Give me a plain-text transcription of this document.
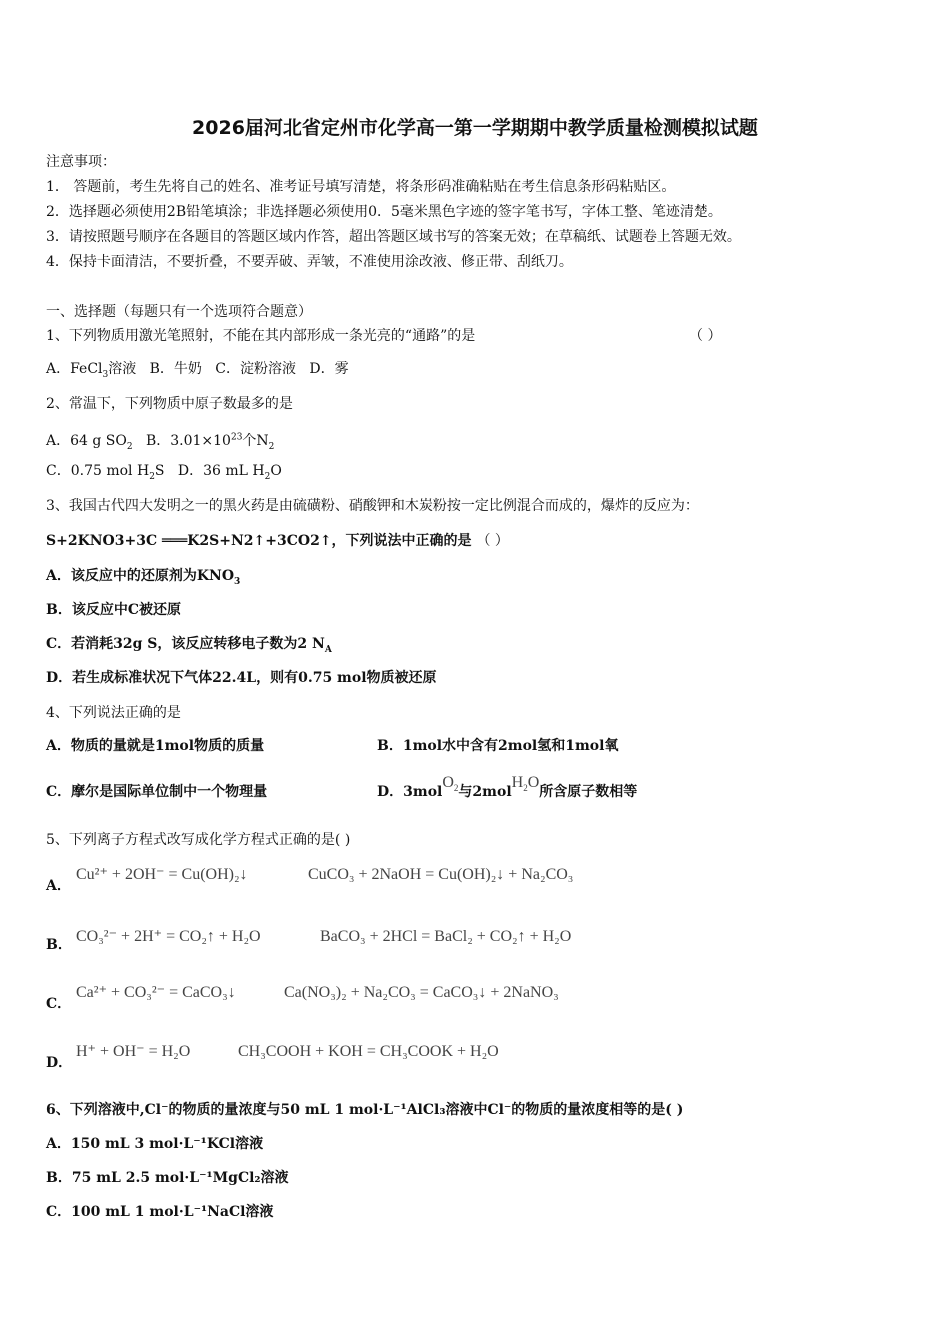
2026届河北省定州市化学高一第一学期期中教学质量检测模拟试题
注意事项：
1． 答题前，考生先将自己的姓名、准考证号填写清楚，将条形码准确粘贴在考生信息条形码粘贴区。
2．选择题必须使用2B铅笔填涂；非选择题必须使用0．5毫米黑色字迹的签字笔书写，字体工整、笔迹清楚。
3．请按照题号顺序在各题目的答题区域内作答，超出答题区域书写的答案无效；在草稿纸、试题卷上答题无效。
4．保持卡面清洁，不要折叠，不要弄破、弄皱，不准使用涂改液、修正带、刮纸刀。
一、选择题（每题只有一个选项符合题意）
1、下列物质用激光笔照射，不能在其内部形成一条光亮的“通路”的是	（ ）
A．FeCl$_3$溶液 B．牛奶 C．淀粉溶液 D．雾
2、常温下，下列物质中原子数最多的是
A．64 g $SO_2$ B．$3.01\times 10^{23}$个$N_2$
C．0.75 mol $H_2S$ D．36 mL $H_2O$
3、我国古代四大发明之一的黑火药是由硫磺粉、硝酸钾和木炭粉按一定比例混合而成的，爆炸的反应为：
S+2KNO3+3C ═══K2S+N2↑+3CO2↑，下列说法中正确的是 （ ）
A．该反应中的还原剂为$KNO_3$
B．该反应中C被还原
C．若消耗32g S，该反应转移电子数为2 $N_A$
D．若生成标准状况下气体22.4L，则有0.75 mol物质被还原
4、下列说法正确的是
A．物质的量就是1mol物质的质量	B．1mol水中含有2mol氢和1mol氧
C．摩尔是国际单位制中一个物理量	D．3molO$_2$与2molH$_2$O所含原子数相等
5、下列离子方程式改写成化学方程式正确的是( )
A．
Cu²⁺ + 2OH⁻ = Cu(OH)₂↓	CuCO₃ + 2NaOH = Cu(OH)₂↓ + Na₂CO₃
B． CO₃²⁻ + 2H⁺ = CO₂↑ + H₂O	BaCO₃ + 2HCl = BaCl₂ + CO₂↑ + H₂O
C．
Ca²⁺ + CO₃²⁻ = CaCO₃↓	Ca(NO₃)₂ + Na₂CO₃ = CaCO₃↓ + 2NaNO₃
D．
H⁺ + OH⁻ = H₂O	CH₃COOH + KOH = CH₃COOK + H₂O
6、下列溶液中,Cl⁻的物质的量浓度与50 mL 1 mol·L⁻¹AlCl₃溶液中Cl⁻的物质的量浓度相等的是( )
A．150 mL 3 mol·L⁻¹KCl溶液
B．75 mL 2.5 mol·L⁻¹MgCl₂溶液
C．100 mL 1 mol·L⁻¹NaCl溶液
